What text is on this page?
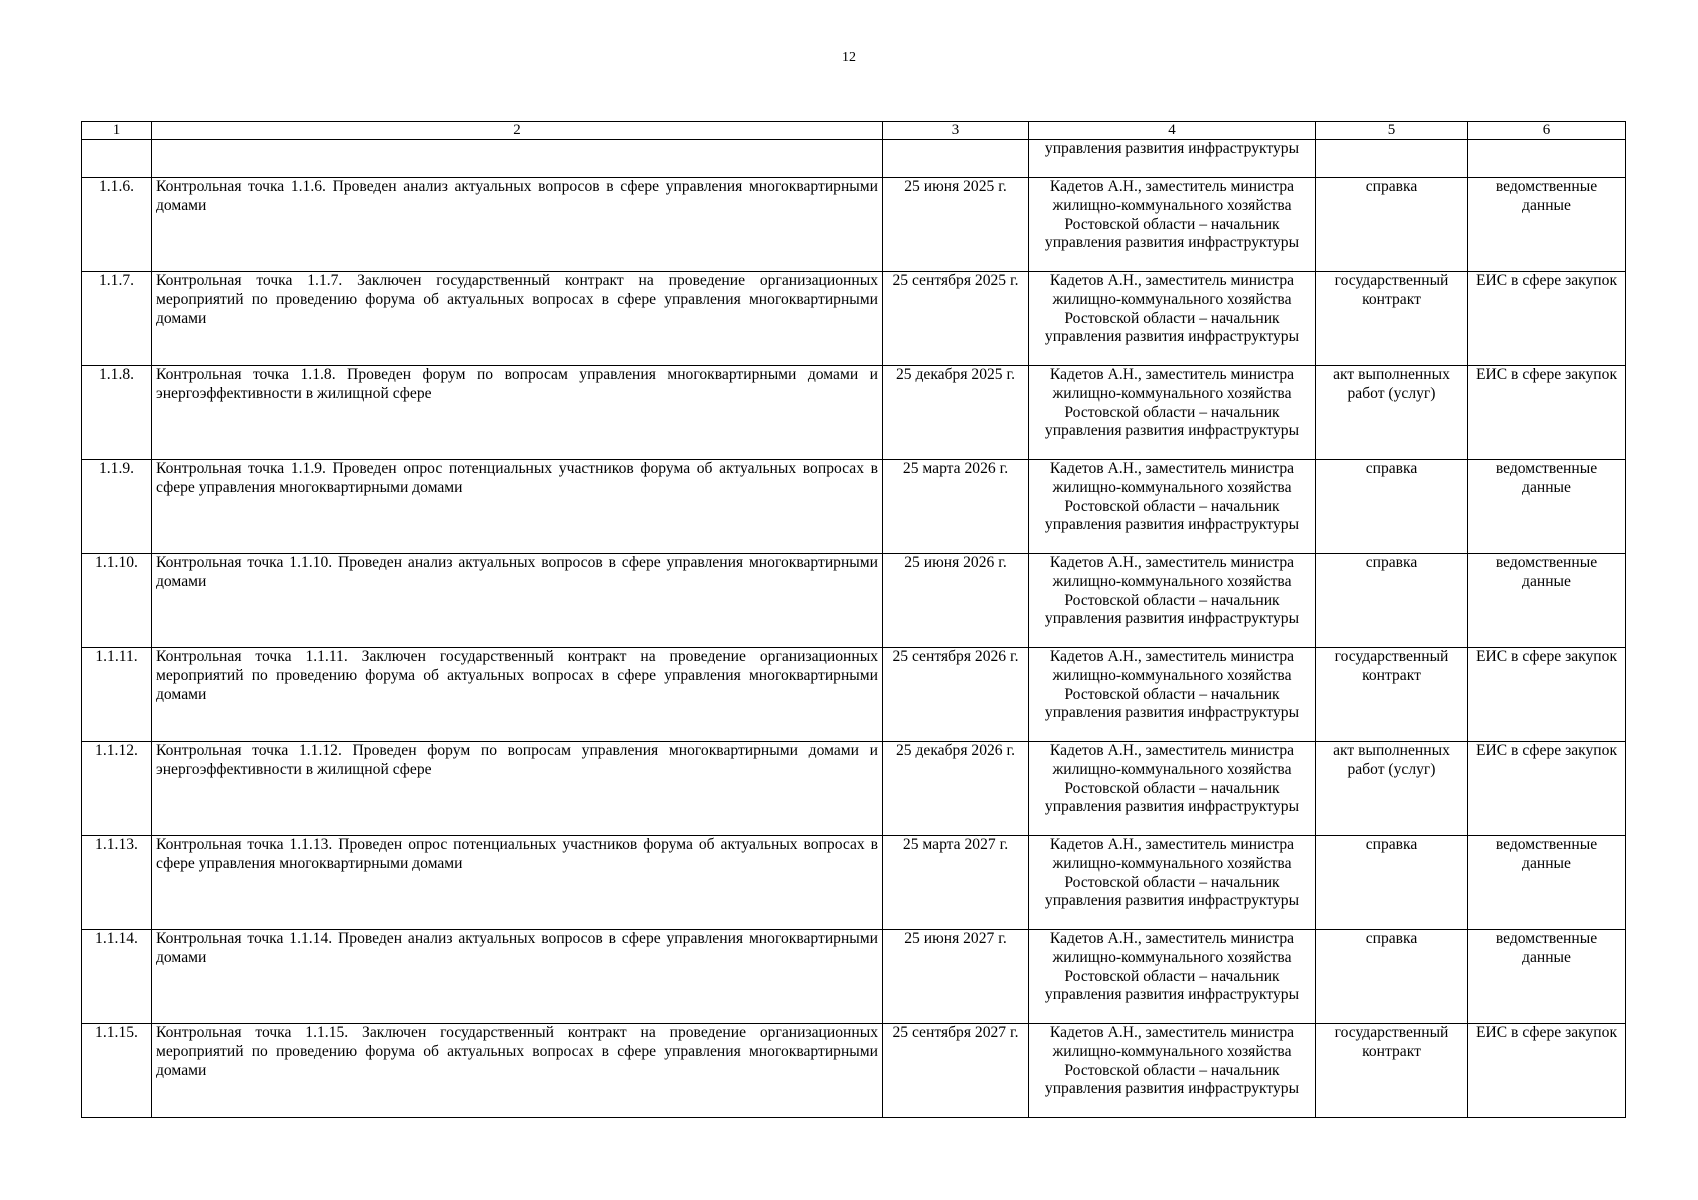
12
1	2	3	4	5	6
			управления развития инфраструктуры		
1.1.6.	Контрольная точка 1.1.6. Проведен анализ актуальных вопросов в сфере управления многоквартирными домами	25 июня 2025 г.	Кадетов А.Н., заместитель министра жилищно-коммунального хозяйства Ростовской области – начальник управления развития инфраструктуры	справка	ведомственные данные
1.1.7.	Контрольная точка 1.1.7. Заключен государственный контракт на проведение организационных мероприятий по проведению форума об актуальных вопросах в сфере управления многоквартирными домами	25 сентября 2025 г.	Кадетов А.Н., заместитель министра жилищно-коммунального хозяйства Ростовской области – начальник управления развития инфраструктуры	государственный контракт	ЕИС в сфере закупок
1.1.8.	Контрольная точка 1.1.8. Проведен форум по вопросам управления многоквартирными домами и энергоэффективности в жилищной сфере	25 декабря 2025 г.	Кадетов А.Н., заместитель министра жилищно-коммунального хозяйства Ростовской области – начальник управления развития инфраструктуры	акт выполненных работ (услуг)	ЕИС в сфере закупок
1.1.9.	Контрольная точка 1.1.9. Проведен опрос потенциальных участников форума об актуальных вопросах в сфере управления многоквартирными домами	25 марта 2026 г.	Кадетов А.Н., заместитель министра жилищно-коммунального хозяйства Ростовской области – начальник управления развития инфраструктуры	справка	ведомственные данные
1.1.10.	Контрольная точка 1.1.10. Проведен анализ актуальных вопросов в сфере управления многоквартирными домами	25 июня 2026 г.	Кадетов А.Н., заместитель министра жилищно-коммунального хозяйства Ростовской области – начальник управления развития инфраструктуры	справка	ведомственные данные
1.1.11.	Контрольная точка 1.1.11. Заключен государственный контракт на проведение организационных мероприятий по проведению форума об актуальных вопросах в сфере управления многоквартирными домами	25 сентября 2026 г.	Кадетов А.Н., заместитель министра жилищно-коммунального хозяйства Ростовской области – начальник управления развития инфраструктуры	государственный контракт	ЕИС в сфере закупок
1.1.12.	Контрольная точка 1.1.12. Проведен форум по вопросам управления многоквартирными домами и энергоэффективности в жилищной сфере	25 декабря 2026 г.	Кадетов А.Н., заместитель министра жилищно-коммунального хозяйства Ростовской области – начальник управления развития инфраструктуры	акт выполненных работ (услуг)	ЕИС в сфере закупок
1.1.13.	Контрольная точка 1.1.13. Проведен опрос потенциальных участников форума об актуальных вопросах в сфере управления многоквартирными домами	25 марта 2027 г.	Кадетов А.Н., заместитель министра жилищно-коммунального хозяйства Ростовской области – начальник управления развития инфраструктуры	справка	ведомственные данные
1.1.14.	Контрольная точка 1.1.14. Проведен анализ актуальных вопросов в сфере управления многоквартирными домами	25 июня 2027 г.	Кадетов А.Н., заместитель министра жилищно-коммунального хозяйства Ростовской области – начальник управления развития инфраструктуры	справка	ведомственные данные
1.1.15.	Контрольная точка 1.1.15. Заключен государственный контракт на проведение организационных мероприятий по проведению форума об актуальных вопросах в сфере управления многоквартирными домами	25 сентября 2027 г.	Кадетов А.Н., заместитель министра жилищно-коммунального хозяйства Ростовской области – начальник управления развития инфраструктуры	государственный контракт	ЕИС в сфере закупок
